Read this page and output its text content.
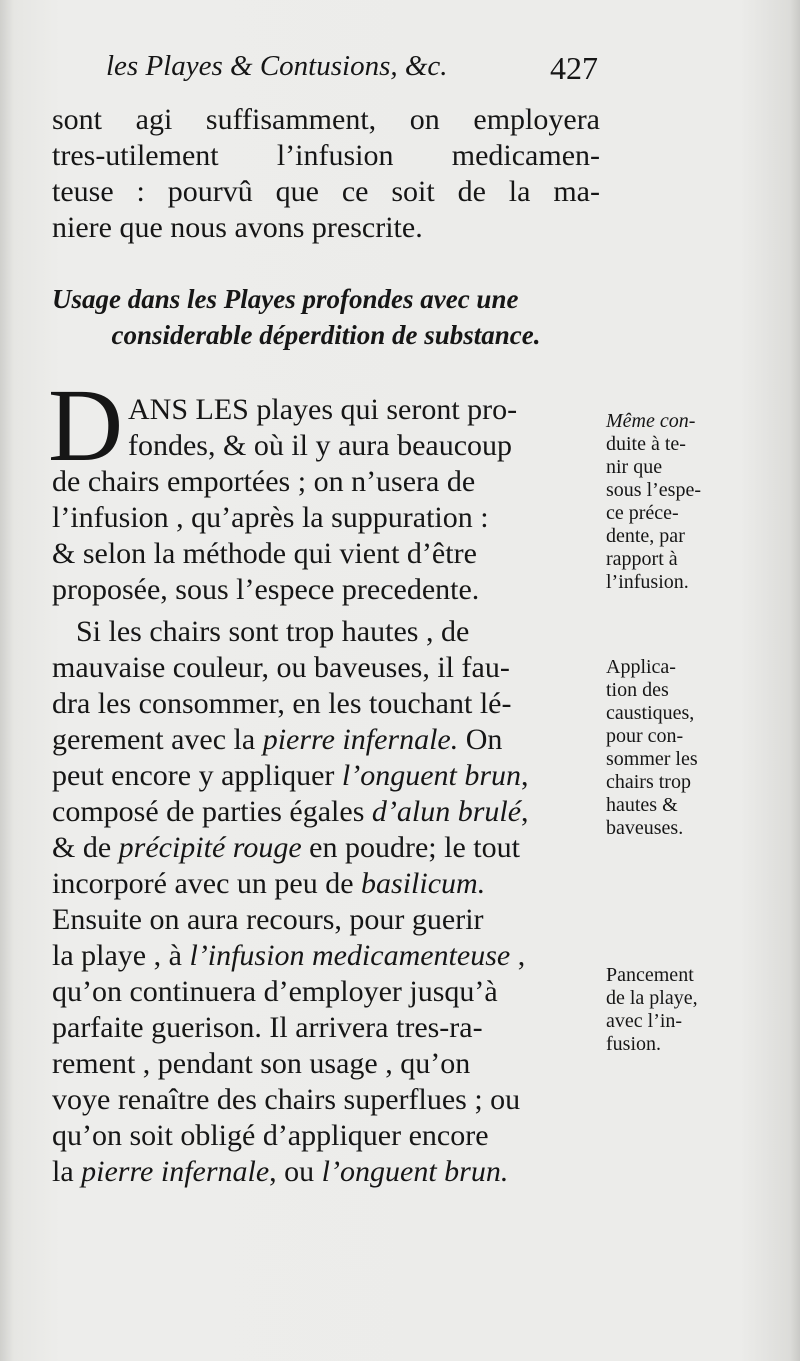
les Playes & Contusions, &c.	427
sont agi suffisamment, on employera
tres-utilement l’infusion medicamen-
teuse : pourvû que ce soit de la ma-
niere que nous avons prescrite.
Usage dans les Playes profondes avec une
considerable déperdition de substance.
D ANS LES playes qui seront pro-
fondes, & où il y aura beaucoup
de chairs emportées ; on n’usera de
l’infusion , qu’après la suppuration :
& selon la méthode qui vient d’être
proposée, sous l’espece precedente.
Si les chairs sont trop hautes , de
mauvaise couleur, ou baveuses, il fau-
dra les consommer, en les touchant lé-
gerement avec la pierre infernale. On
peut encore y appliquer l’onguent brun,
composé de parties égales d’alun brulé,
& de précipité rouge en poudre; le tout
incorporé avec un peu de basilicum.
Ensuite on aura recours, pour guerir
la playe , à l’infusion medicamenteuse ,
qu’on continuera d’employer jusqu’à
parfaite guerison. Il arrivera tres-ra-
rement , pendant son usage , qu’on
voye renaître des chairs superflues ; ou
qu’on soit obligé d’appliquer encore
la pierre infernale, ou l’onguent brun.
Même con-
duite à te-
nir que
sous l’espe-
ce préce-
dente, par
rapport à
l’infusion.
Applica-
tion des
caustiques,
pour con-
sommer les
chairs trop
hautes &
baveuses.
Pancement
de la playe,
avec l’in-
fusion.
